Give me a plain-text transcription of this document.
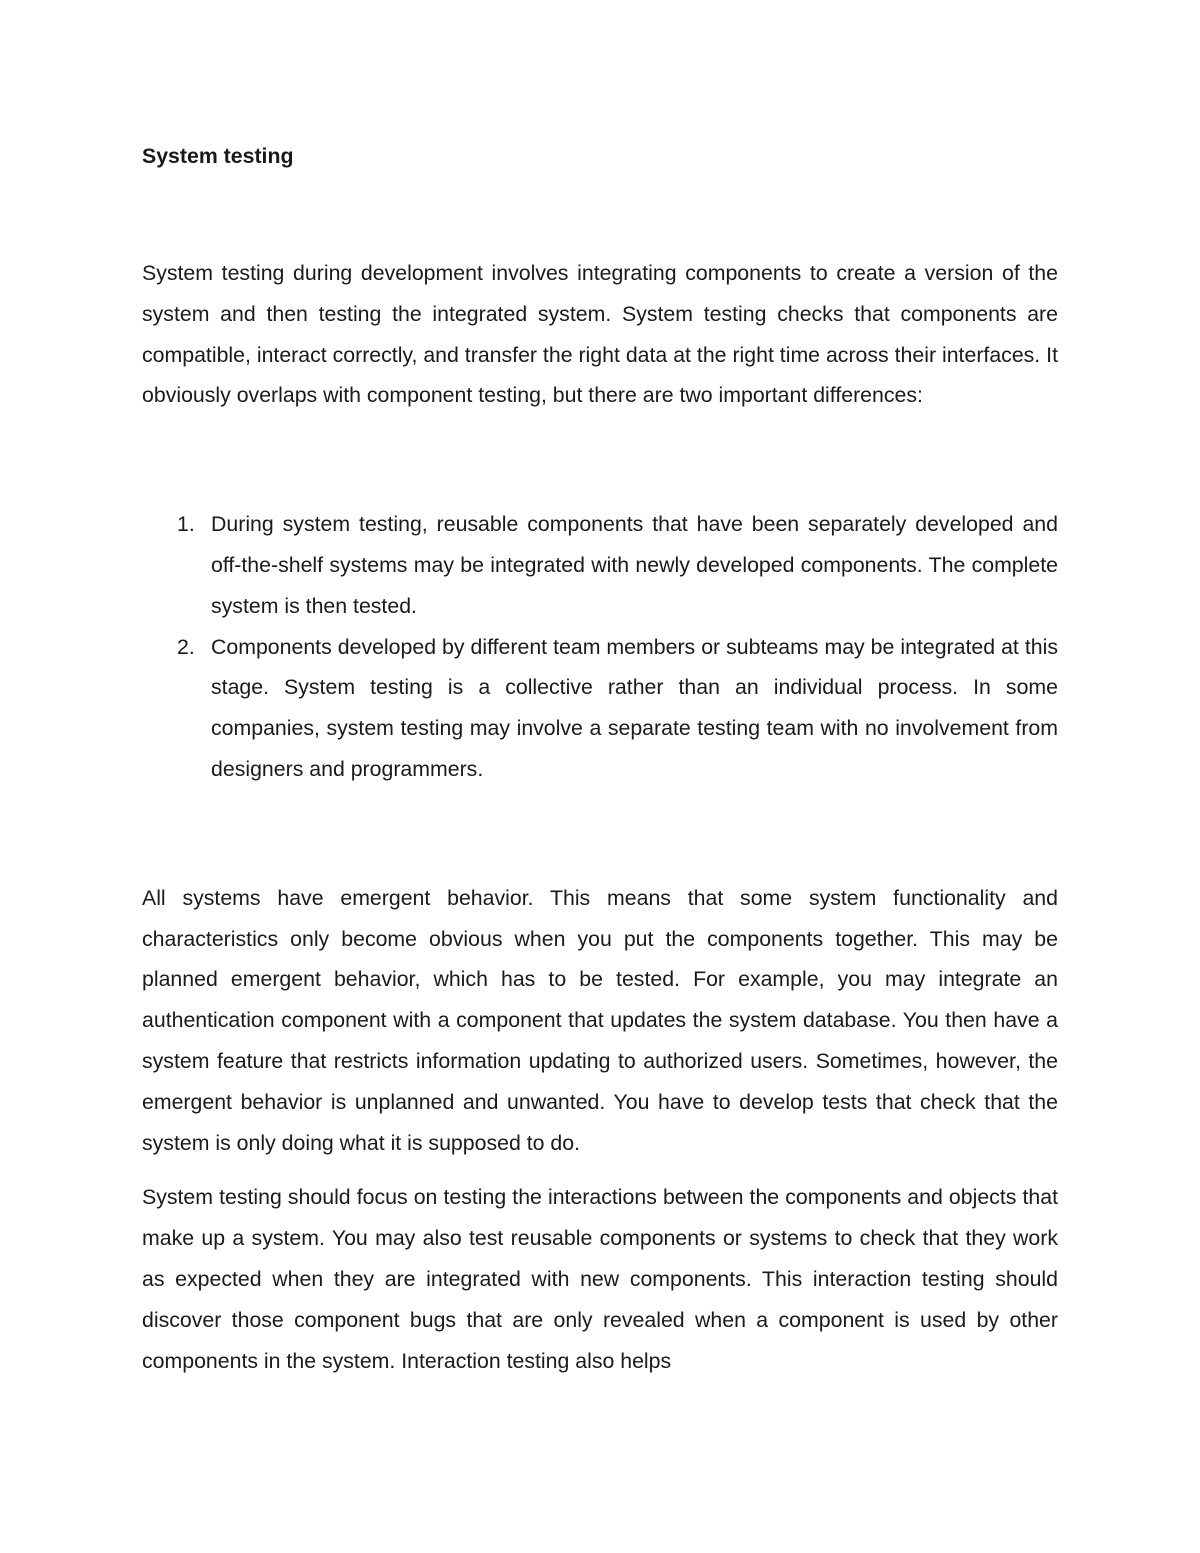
System testing

System testing during development involves integrating components to create a version of the system and then testing the integrated system. System testing checks that components are compatible, interact correctly, and transfer the right data at the right time across their interfaces. It obviously overlaps with component testing, but there are two important differences:

1. During system testing, reusable components that have been separately developed and off-the-shelf systems may be integrated with newly developed components. The complete system is then tested.
2. Components developed by different team members or subteams may be integrated at this stage. System testing is a collective rather than an individual process. In some companies, system testing may involve a separate testing team with no involvement from designers and programmers.

All systems have emergent behavior. This means that some system functionality and characteristics only become obvious when you put the components together. This may be planned emergent behavior, which has to be tested. For example, you may integrate an authentication component with a component that updates the system database. You then have a system feature that restricts information updating to authorized users. Sometimes, however, the emergent behavior is unplanned and unwanted. You have to develop tests that check that the system is only doing what it is supposed to do.

System testing should focus on testing the interactions between the components and objects that make up a system. You may also test reusable components or systems to check that they work as expected when they are integrated with new components. This interaction testing should discover those component bugs that are only revealed when a component is used by other components in the system. Interaction testing also helps
